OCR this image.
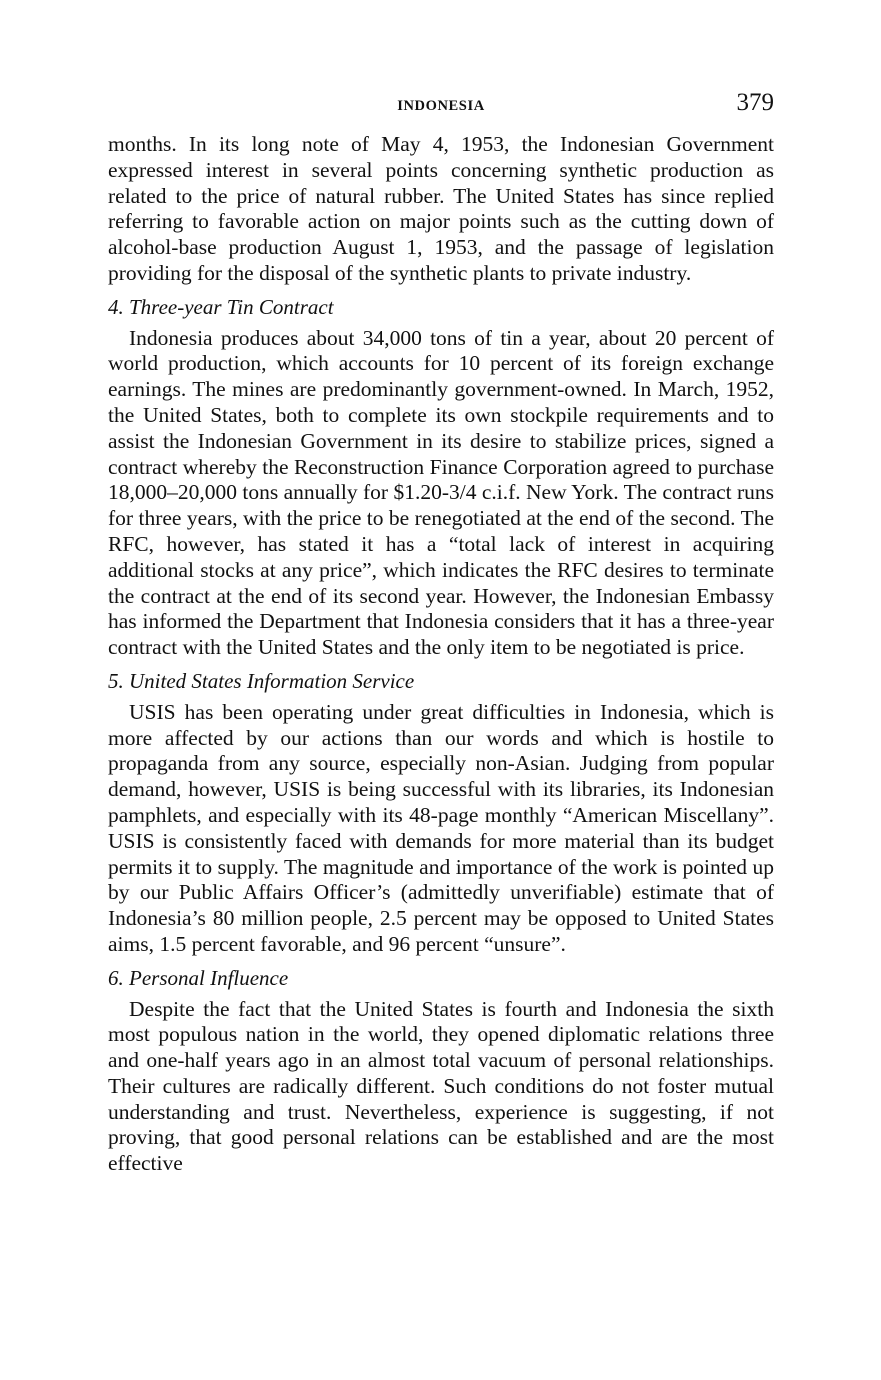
INDONESIA	379

months. In its long note of May 4, 1953, the Indonesian Government expressed interest in several points concerning synthetic production as related to the price of natural rubber. The United States has since replied referring to favorable action on major points such as the cutting down of alcohol-base production August 1, 1953, and the passage of legislation providing for the disposal of the synthetic plants to private industry.

4. Three-year Tin Contract

Indonesia produces about 34,000 tons of tin a year, about 20 percent of world production, which accounts for 10 percent of its foreign exchange earnings. The mines are predominantly government-owned. In March, 1952, the United States, both to complete its own stockpile requirements and to assist the Indonesian Government in its desire to stabilize prices, signed a contract whereby the Reconstruction Finance Corporation agreed to purchase 18,000–20,000 tons annually for $1.20-3/4 c.i.f. New York. The contract runs for three years, with the price to be renegotiated at the end of the second. The RFC, however, has stated it has a “total lack of interest in acquiring additional stocks at any price”, which indicates the RFC desires to terminate the contract at the end of its second year. However, the Indonesian Embassy has informed the Department that Indonesia considers that it has a three-year contract with the United States and the only item to be negotiated is price.

5. United States Information Service

USIS has been operating under great difficulties in Indonesia, which is more affected by our actions than our words and which is hostile to propaganda from any source, especially non-Asian. Judging from popular demand, however, USIS is being successful with its libraries, its Indonesian pamphlets, and especially with its 48-page monthly “American Miscellany”. USIS is consistently faced with demands for more material than its budget permits it to supply. The magnitude and importance of the work is pointed up by our Public Affairs Officer’s (admittedly unverifiable) estimate that of Indonesia’s 80 million people, 2.5 percent may be opposed to United States aims, 1.5 percent favorable, and 96 percent “unsure”.

6. Personal Influence

Despite the fact that the United States is fourth and Indonesia the sixth most populous nation in the world, they opened diplomatic relations three and one-half years ago in an almost total vacuum of personal relationships. Their cultures are radically different. Such conditions do not foster mutual understanding and trust. Nevertheless, experience is suggesting, if not proving, that good personal relations can be established and are the most effective
